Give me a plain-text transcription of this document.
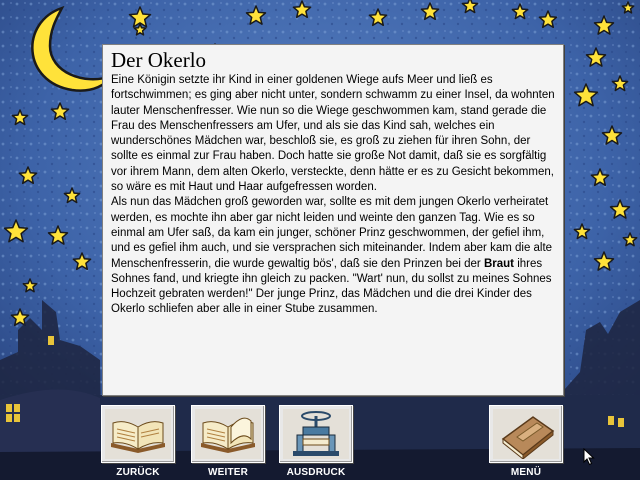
Der Okerlo

Eine Königin setzte ihr Kind in einer goldenen Wiege aufs Meer und ließ es fortschwimmen; es ging aber nicht unter, sondern schwamm zu einer Insel, da wohnten lauter Menschenfresser. Wie nun so die Wiege geschwommen kam, stand gerade die Frau des Menschenfressers am Ufer, und als sie das Kind sah, welches ein wunderschönes Mädchen war, beschloß sie, es groß zu ziehen für ihren Sohn, der sollte es einmal zur Frau haben. Doch hatte sie große Not damit, daß sie es sorgfältig vor ihrem Mann, dem alten Okerlo, versteckte, denn hätte er es zu Gesicht bekommen, so wäre es mit Haut und Haar aufgefressen worden.

Als nun das Mädchen groß geworden war, sollte es mit dem jungen Okerlo verheiratet werden, es mochte ihn aber gar nicht leiden und weinte den ganzen Tag. Wie es so einmal am Ufer saß, da kam ein junger, schöner Prinz geschwommen, der gefiel ihm, und es gefiel ihm auch, und sie versprachen sich miteinander. Indem aber kam die alte Menschenfresserin, die wurde gewaltig bös', daß sie den Prinzen bei der Braut ihres Sohnes fand, und kriegte ihn gleich zu packen. "Wart' nun, du sollst zu meines Sohnes Hochzeit gebraten werden!" Der junge Prinz, das Mädchen und die drei Kinder des Okerlo schliefen aber alle in einer Stube zusammen.

ZURÜCK	WEITER	AUSDRUCK	MENÜ
